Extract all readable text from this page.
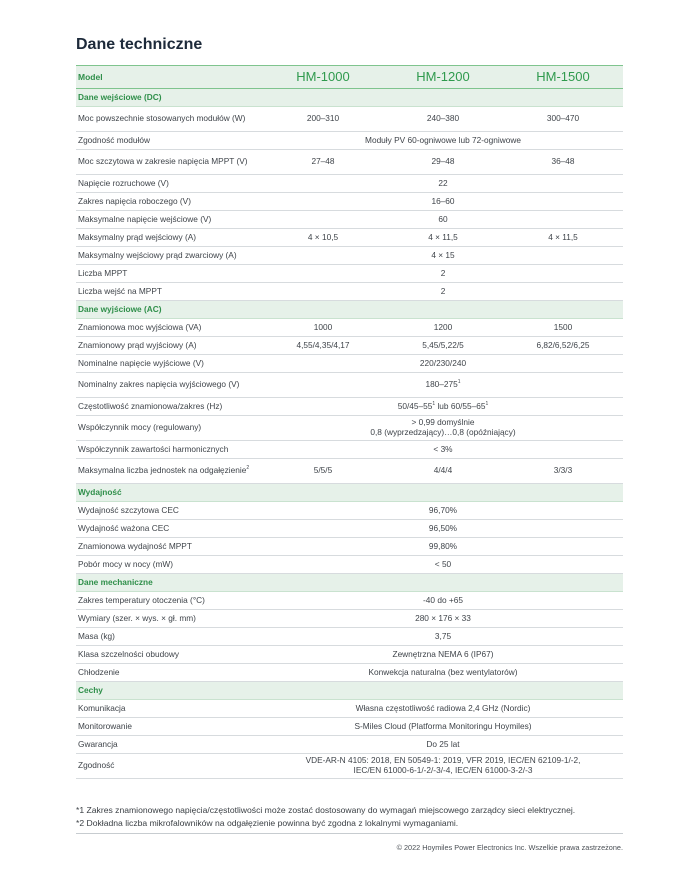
Dane techniczne
Model	HM-1000	HM-1200	HM-1500
Dane wejściowe (DC)			
Moc powszechnie stosowanych modułów (W)	200–310	240–380	300–470
Zgodność modułów	Moduły PV 60-ogniwowe lub 72-ogniwowe		
Moc szczytowa w zakresie napięcia MPPT (V)	27–48	29–48	36–48
Napięcie rozruchowe (V)	22		
Zakres napięcia roboczego (V)	16–60		
Maksymalne napięcie wejściowe (V)	60		
Maksymalny prąd wejściowy (A)	4 × 10,5	4 × 11,5	4 × 11,5
Maksymalny wejściowy prąd zwarciowy (A)	4 × 15		
Liczba MPPT	2		
Liczba wejść na MPPT	2		
Dane wyjściowe (AC)			
Znamionowa moc wyjściowa (VA)	1000	1200	1500
Znamionowy prąd wyjściowy (A)	4,55/4,35/4,17	5,45/5,22/5	6,82/6,52/6,25
Nominalne napięcie wyjściowe (V)	220/230/240		
Nominalny zakres napięcia wyjściowego (V)	$180-275^1$
Częstotliwość znamionowa/zakres (Hz)	$50/45-55^1$ lub $60/55-65^1$
Współczynnik mocy (regulowany)	> 0,99 domyślnie
0,8 (wyprzedzający)…0,8 (opóźniający)		

Współczynnik zawartości harmonicznych	< 3%		
Maksymalna liczba jednostek na odgałęzienie$^2$	5/5/5	4/4/4	3/3/3
Wydajność			
Wydajność szczytowa CEC	96,70%		
Wydajność ważona CEC	96,50%		
Znamionowa wydajność MPPT	99,80%		
Pobór mocy w nocy (mW)	< 50		
Dane mechaniczne			
Zakres temperatury otoczenia (°C)	-40 do +65		
Wymiary (szer. × wys. × gł. mm)	280 × 176 × 33		
Masa (kg)	3,75		
Klasa szczelności obudowy	Zewnętrzna NEMA 6 (IP67)		
Chłodzenie	Konwekcja naturalna (bez wentylatorów)		
Cechy			
Komunikacja	Własna częstotliwość radiowa 2,4 GHz (Nordic)		
Monitorowanie	S-Miles Cloud (Platforma Monitoringu Hoymiles)		
Gwarancja	Do 25 lat		
Zgodność	VDE-AR-N 4105: 2018, EN 50549-1: 2019, VFR 2019, IEC/EN 62109-1/-2,
IEC/EN 61000-6-1/-2/-3/-4, IEC/EN 61000-3-2/-3		
*1 Zakres znamionowego napięcia/częstotliwości może zostać dostosowany do wymagań miejscowego zarządcy sieci elektrycznej.
*2 Dokładna liczba mikrofalowników na odgałęzienie powinna być zgodna z lokalnymi wymaganiami.
© 2022 Hoymiles Power Electronics Inc. Wszelkie prawa zastrzeżone.
